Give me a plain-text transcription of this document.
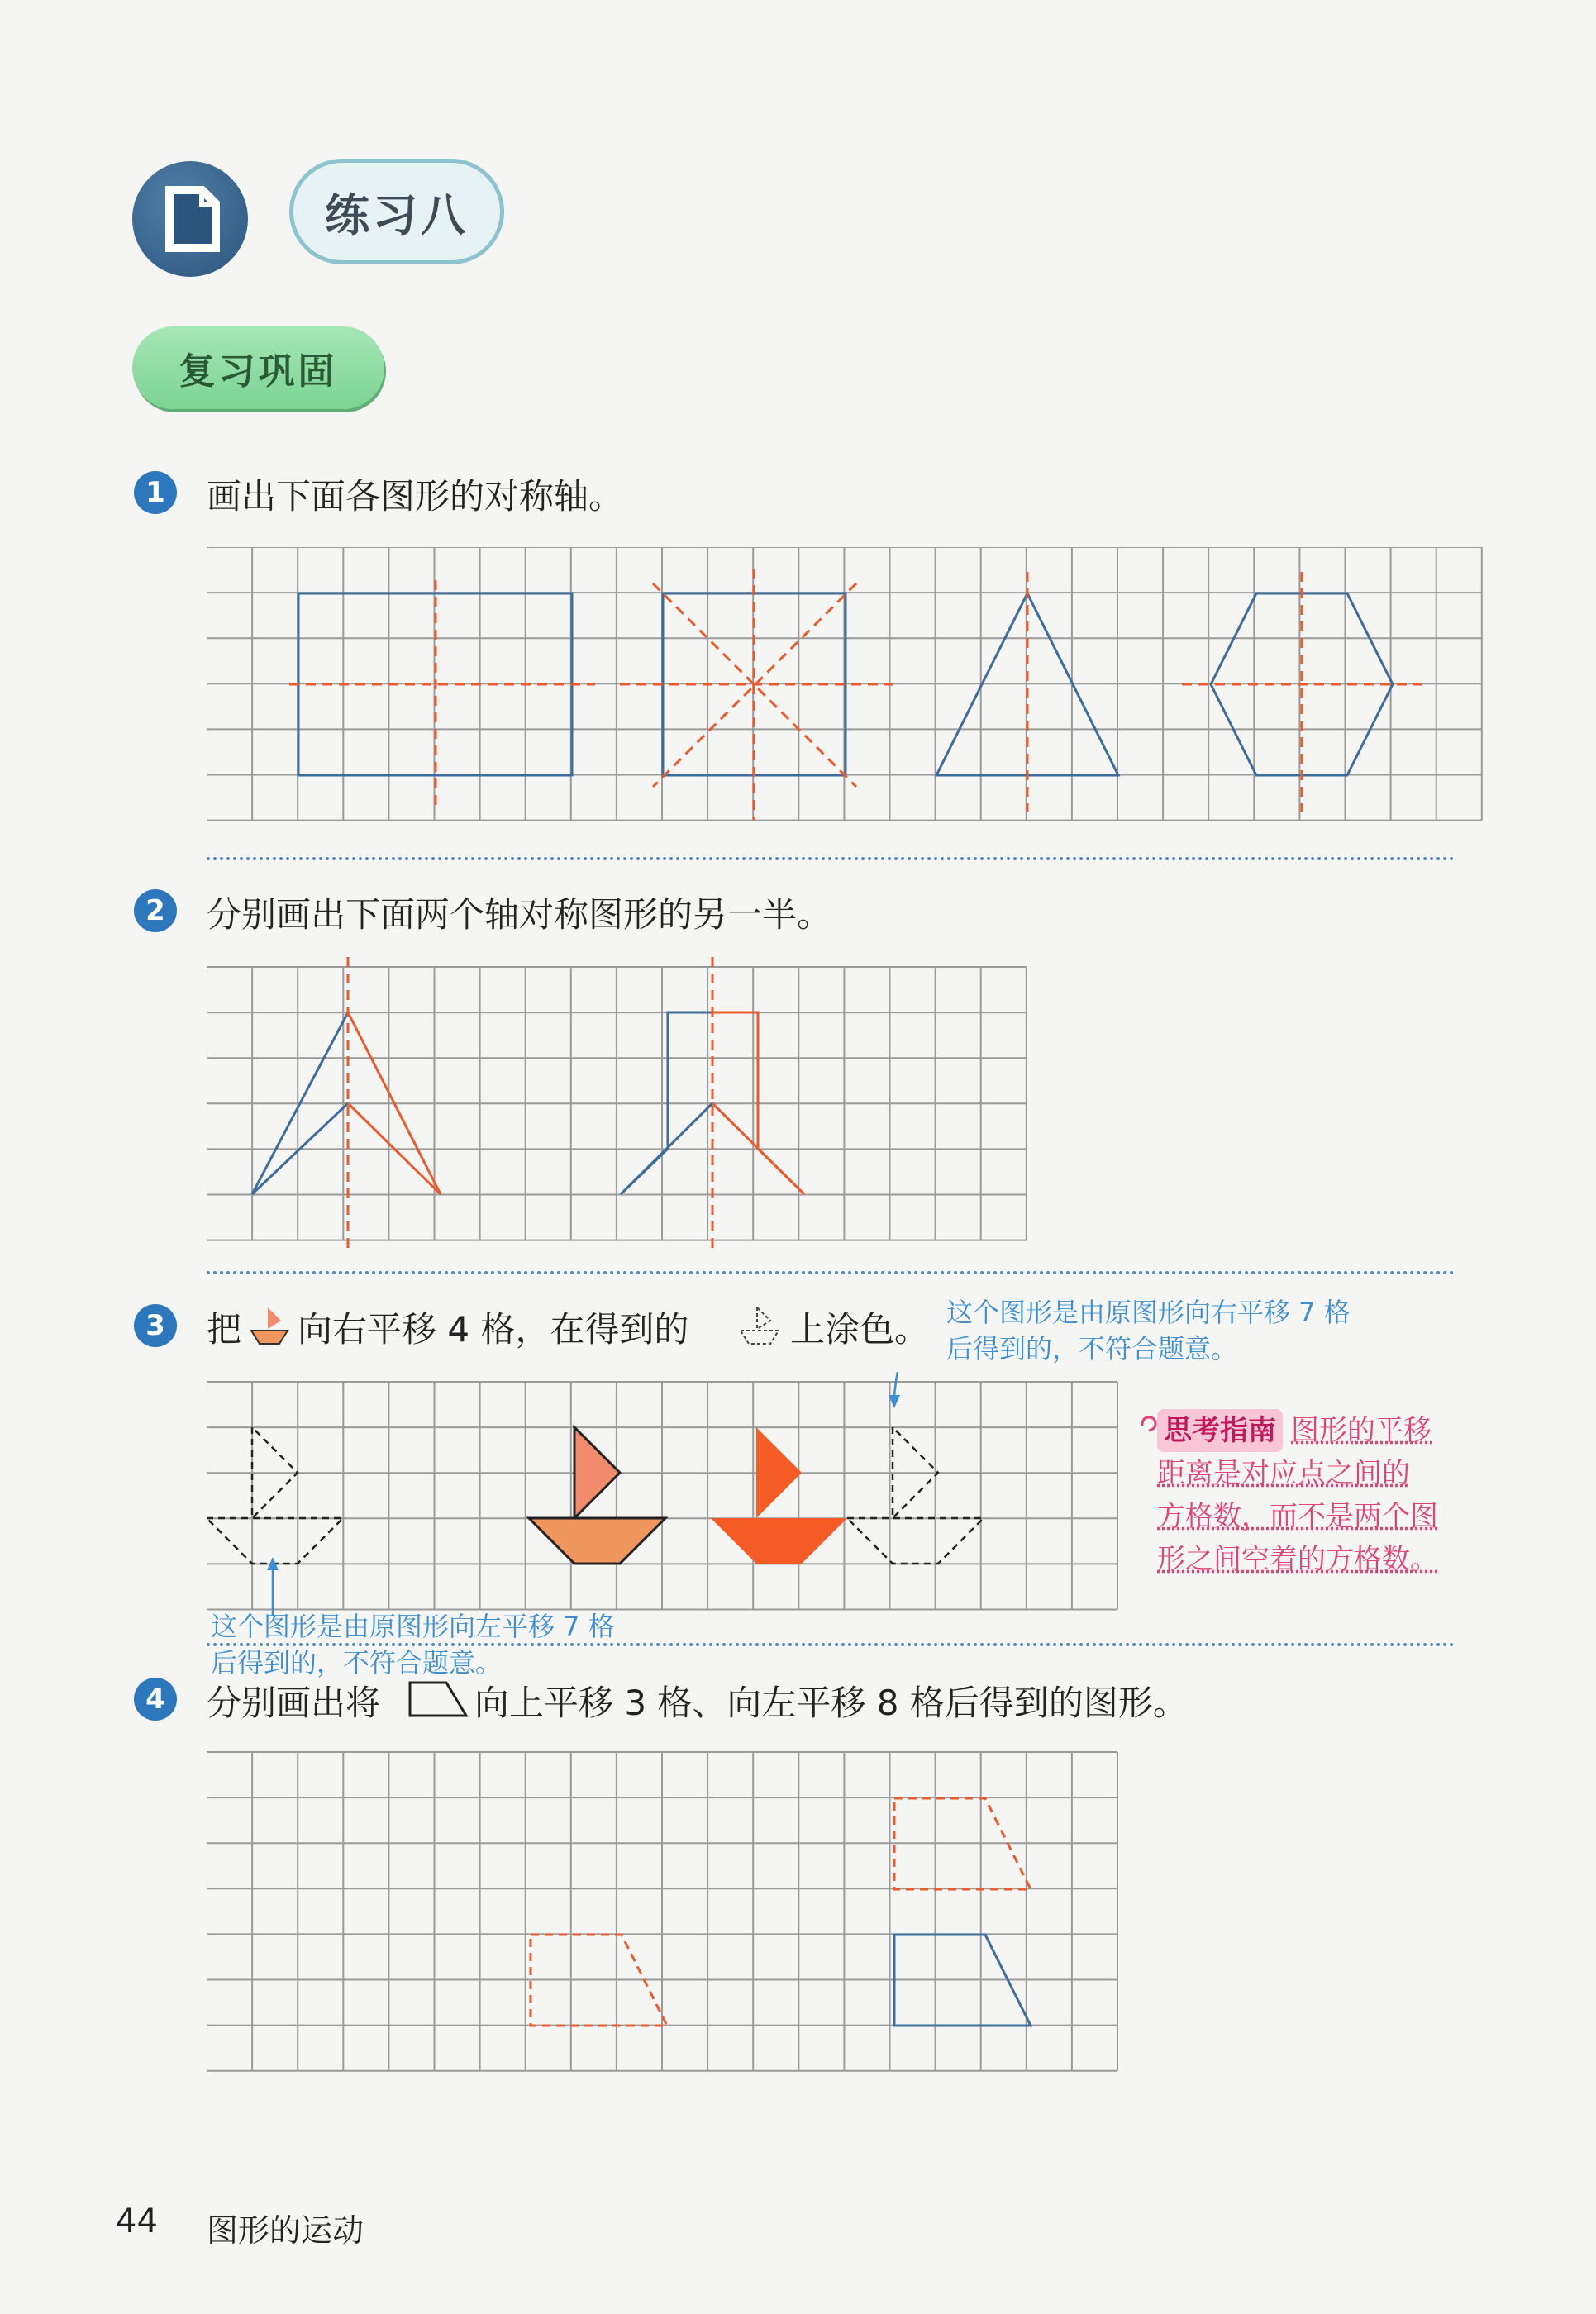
练习八
复习巩固
1	画出下面各图形的对称轴。
2	分别画出下面两个轴对称图形的另一半。
3	把 向右平移 4 格，在得到的	上涂色。 这个图形是由原图形向右平移 7 格
后得到的，不符合题意。
思考指南 图形的平移
距离是对应点之间的
方格数，而不是两个图
形之间空着的方格数。
这个图形是由原图形向左平移 7 格
后得到的，不符合题意。
4	分别画出将	向上平移 3 格、向左平移 8 格后得到的图形。
44 图形的运动
